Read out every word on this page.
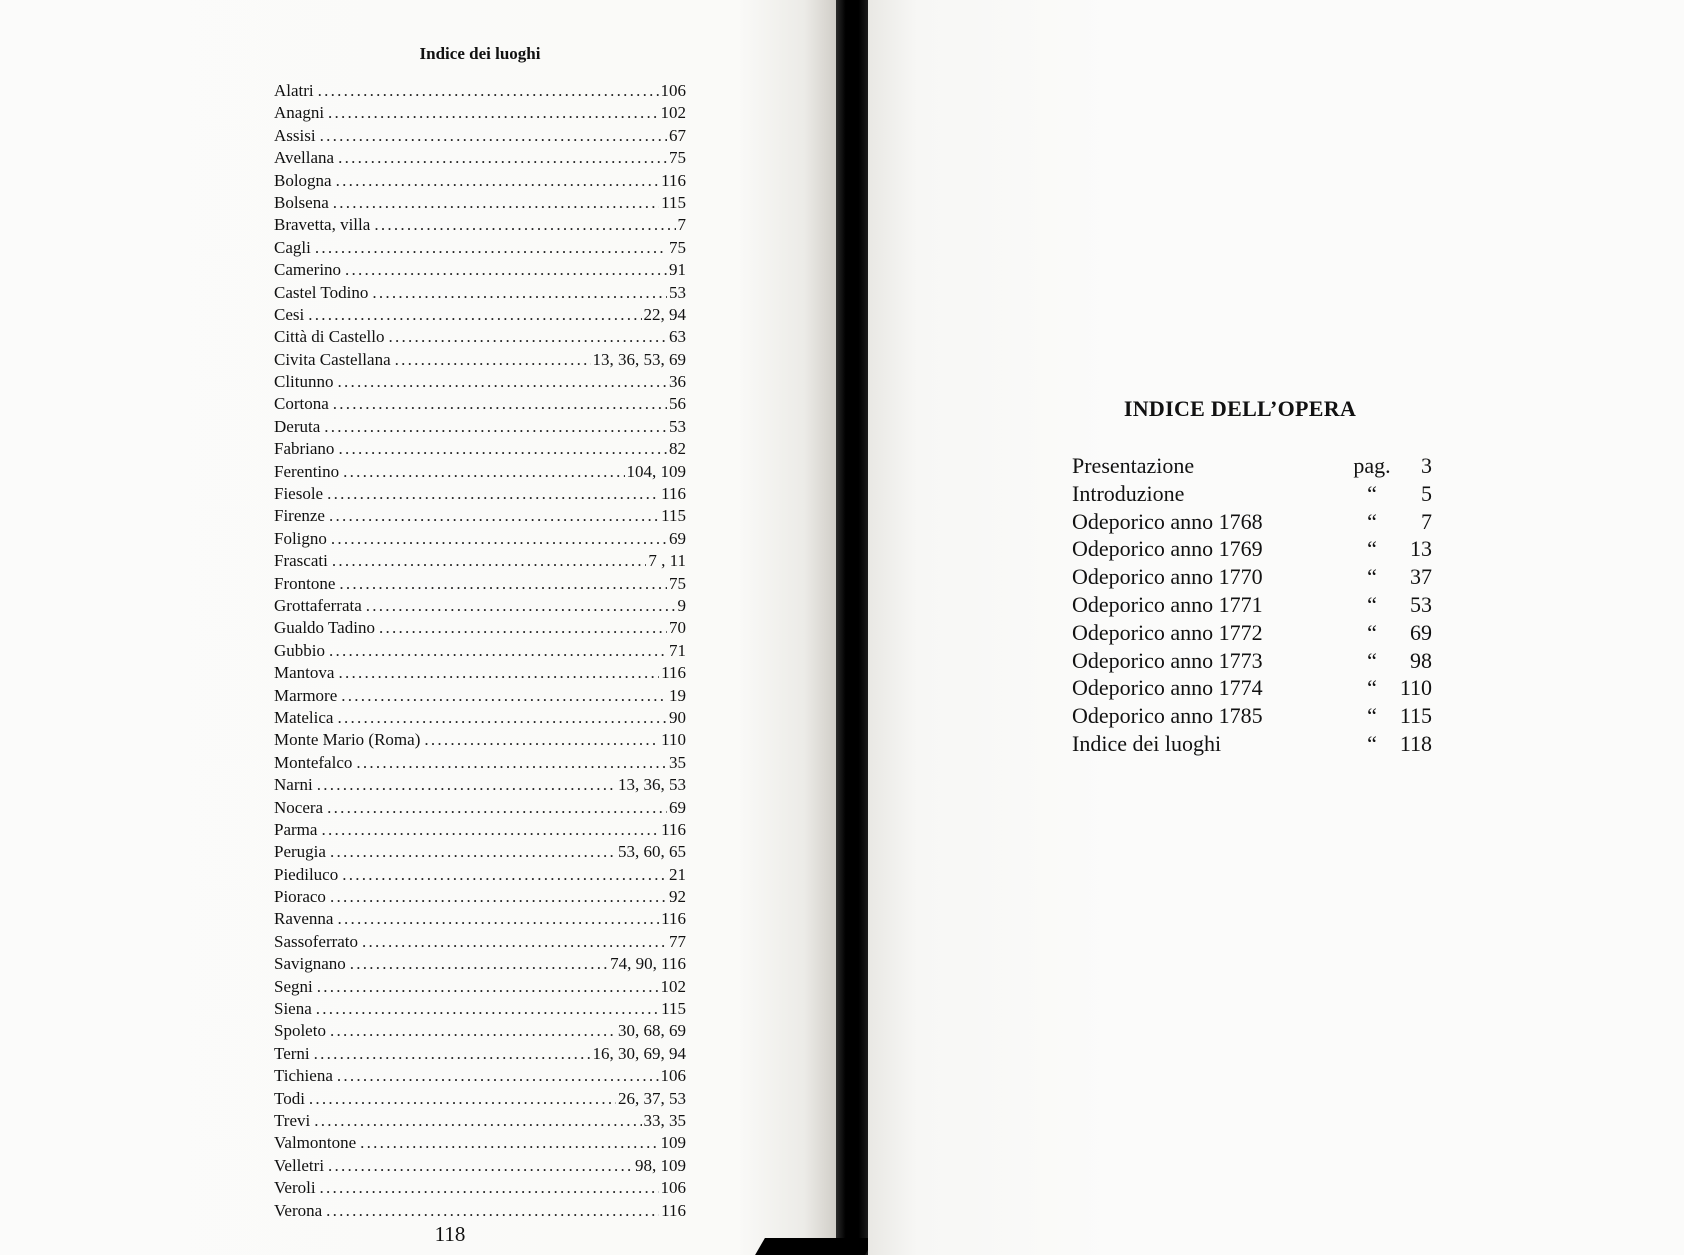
Indice dei luoghi
Alatri . . .	106
Anagni . . .	102
Assisi . . .	67
Avellana . . .	75
Bologna . . .	116
Bolsena . . .	115
Bravetta, villa . . .	7
Cagli . . .	75
Camerino . . .	91
Castel Todino . . .	53
Cesi . . .	22, 94
Città di Castello . . .	63
Civita Castellana . . .	13, 36, 53, 69
Clitunno . . .	36
Cortona . . .	56
Deruta . . .	53
Fabriano . . .	82
Ferentino . . .	104, 109
Fiesole . . .	116
Firenze . . .	115
Foligno . . .	69
Frascati . . .	7 , 11
Frontone . . .	75
Grottaferrata . . .	9
Gualdo Tadino . . .	70
Gubbio . . .	71
Mantova . . .	116
Marmore . . .	19
Matelica . . .	90
Monte Mario (Roma) . . .	110
Montefalco . . .	35
Narni . . .	13, 36, 53
Nocera . . .	69
Parma . . .	116
Perugia . . .	53, 60, 65
Piediluco . . .	21
Pioraco . . .	92
Ravenna . . .	116
Sassoferrato . . .	77
Savignano . . .	74, 90, 116
Segni . . .	102
Siena . . .	115
Spoleto . . .	30, 68, 69
Terni . . .	16, 30, 69, 94
Tichiena . . .	106
Todi . . .	26, 37, 53
Trevi . . .	33, 35
Valmontone . . .	109
Velletri . . .	98, 109
Veroli . . .	106
Verona . . .	116
118
INDICE DELL’OPERA
Presentazione	pag.	3
Introduzione	“	5
Odeporico anno 1768	“	7
Odeporico anno 1769	“	13
Odeporico anno 1770	“	37
Odeporico anno 1771	“	53
Odeporico anno 1772	“	69
Odeporico anno 1773	“	98
Odeporico anno 1774	“	110
Odeporico anno 1785	“	115
Indice dei luoghi	“	118
